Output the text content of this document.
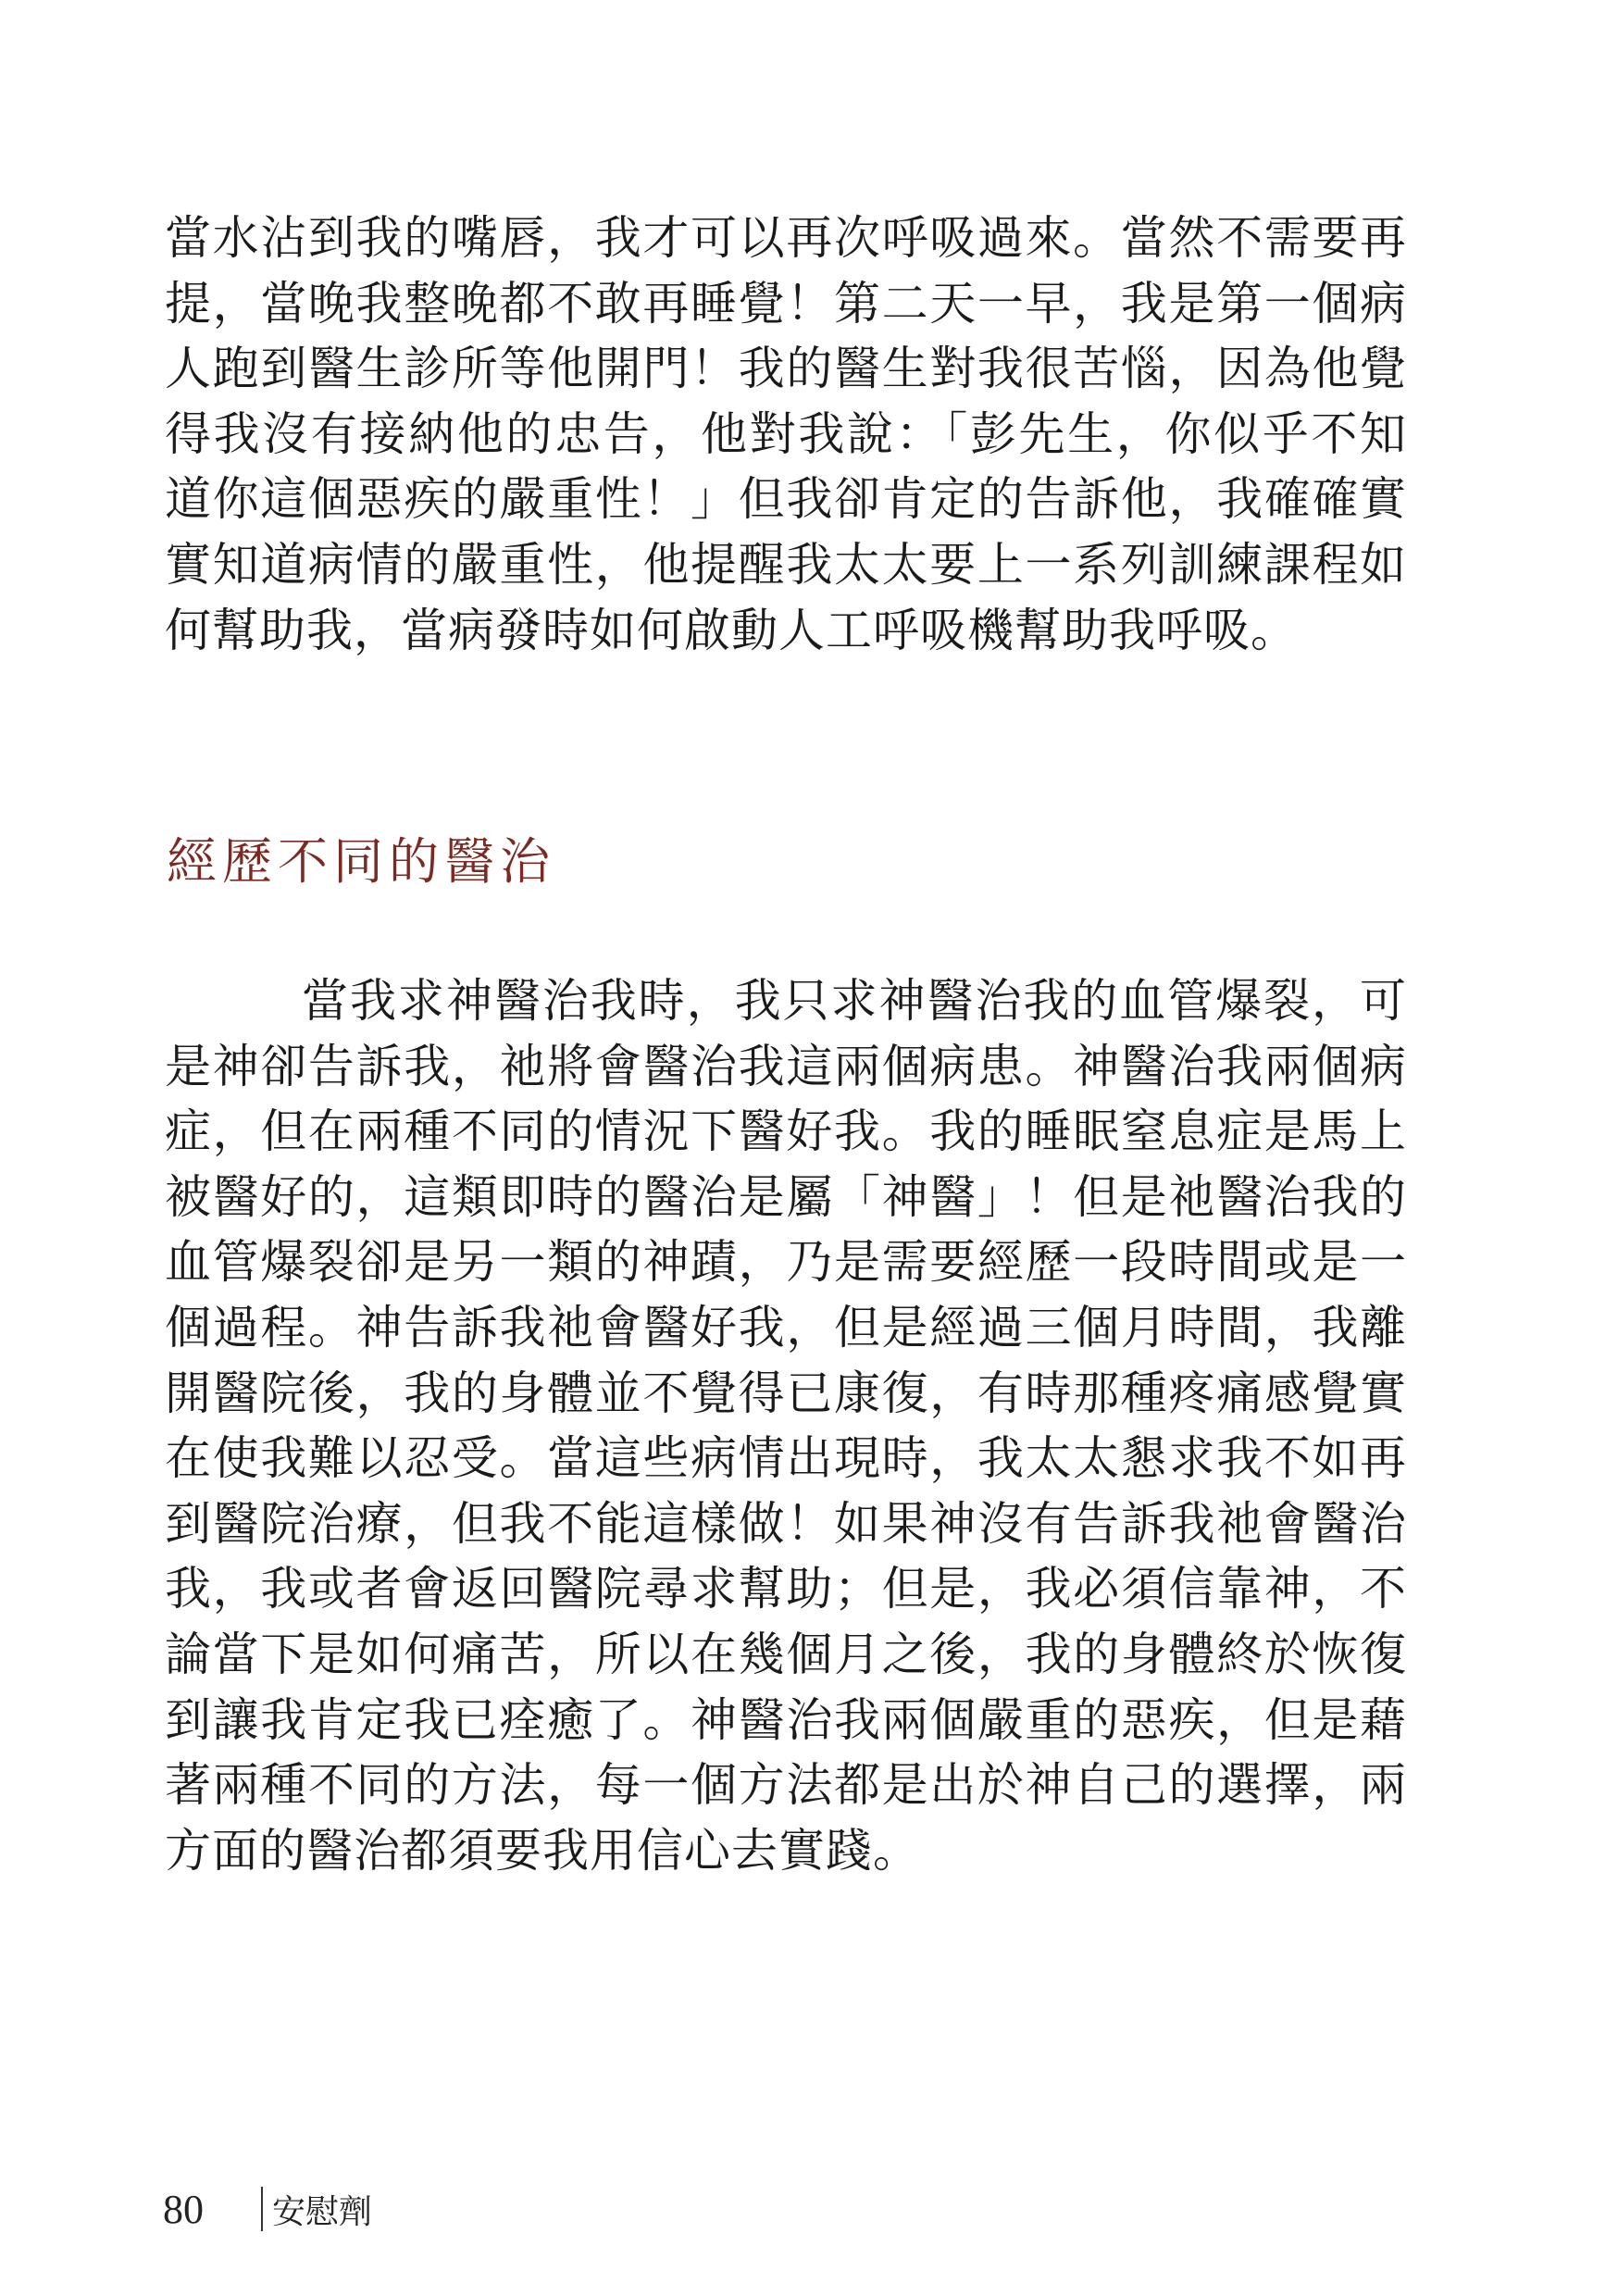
當水沾到我的嘴唇，我才可以再次呼吸過來。當然不需要再提，當晚我整晚都不敢再睡覺！第二天一早，我是第一個病人跑到醫生診所等他開門！我的醫生對我很苦惱，因為他覺得我沒有接納他的忠告，他對我說：「彭先生，你似乎不知道你這個惡疾的嚴重性！」但我卻肯定的告訴他，我確確實實知道病情的嚴重性，他提醒我太太要上一系列訓練課程如何幫助我，當病發時如何啟動人工呼吸機幫助我呼吸。

經歷不同的醫治

當我求神醫治我時，我只求神醫治我的血管爆裂，可是神卻告訴我，祂將會醫治我這兩個病患。神醫治我兩個病症，但在兩種不同的情況下醫好我。我的睡眠窒息症是馬上被醫好的，這類即時的醫治是屬「神醫」！但是祂醫治我的血管爆裂卻是另一類的神蹟，乃是需要經歷一段時間或是一個過程。神告訴我祂會醫好我，但是經過三個月時間，我離開醫院後，我的身體並不覺得已康復，有時那種疼痛感覺實在使我難以忍受。當這些病情出現時，我太太懇求我不如再到醫院治療，但我不能這樣做！如果神沒有告訴我祂會醫治我，我或者會返回醫院尋求幫助；但是，我必須信靠神，不論當下是如何痛苦，所以在幾個月之後，我的身體終於恢復到讓我肯定我已痊癒了。神醫治我兩個嚴重的惡疾，但是藉著兩種不同的方法，每一個方法都是出於神自己的選擇，兩方面的醫治都須要我用信心去實踐。

80 安慰劑
